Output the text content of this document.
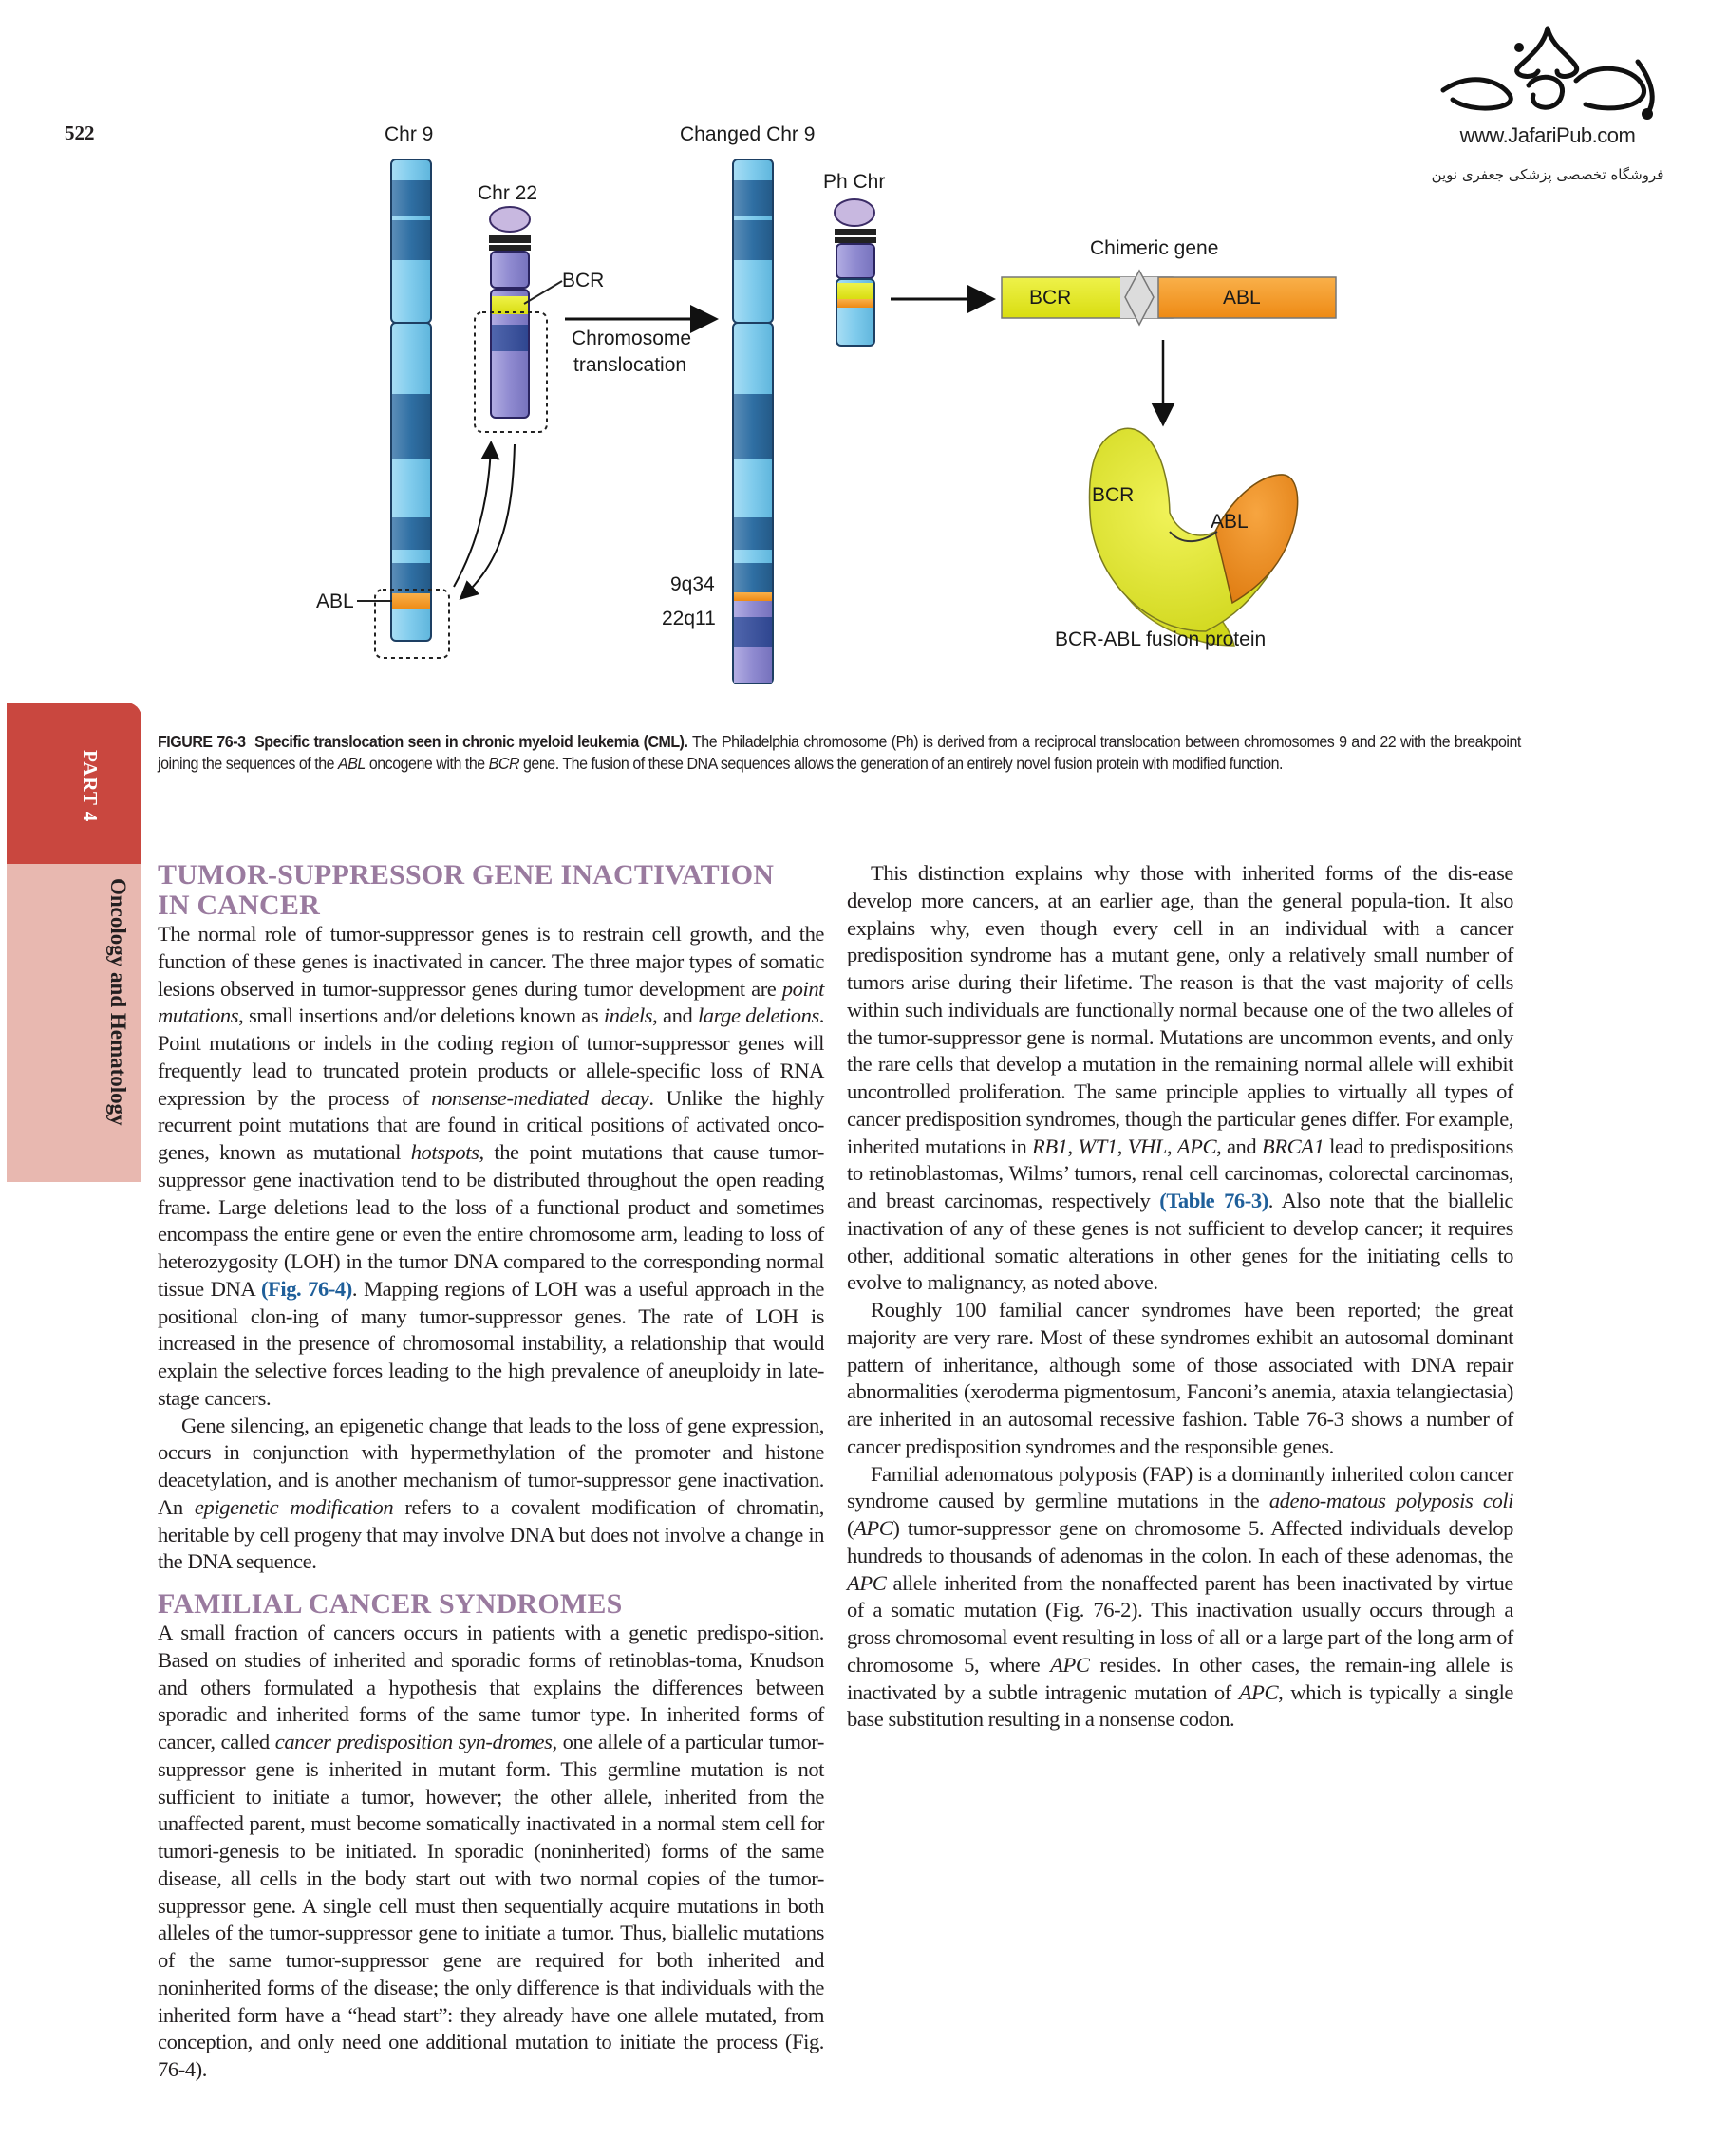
522	www.JafariPub.com
فروشگاه تخصصی پزشکی جعفری نوین
Chr 9
Chr 22
Changed Chr 9
Ph Chr
BCR
Chromosome
translocation
ABL
9q34
22q11
Chimeric gene
BCR	ABL
BCR
ABL
BCR-ABL fusion protein
PART 4
Oncology and Hematology
FIGURE 76-3 Specific translocation seen in chronic myeloid leukemia (CML). The Philadelphia chromosome (Ph) is derived from a reciprocal translocation between chromosomes 9 and 22 with the breakpoint joining the sequences of the ABL oncogene with the BCR gene. The fusion of these DNA sequences allows the generation of an entirely novel fusion protein with modified function.
TUMOR-SUPPRESSOR GENE INACTIVATION
IN CANCER

The normal role of tumor-suppressor genes is to restrain cell growth, and the function of these genes is inactivated in cancer. The three major types of somatic lesions observed in tumor-suppressor genes during tumor development are point mutations, small insertions and/or deletions known as indels, and large deletions. Point mutations or indels in the coding region of tumor-suppressor genes will frequently lead to truncated protein products or allele-specific loss of RNA expression by the process of nonsense-mediated decay. Unlike the highly recurrent point mutations that are found in critical positions of activated onco-genes, known as mutational hotspots, the point mutations that cause tumor-suppressor gene inactivation tend to be distributed throughout the open reading frame. Large deletions lead to the loss of a functional product and sometimes encompass the entire gene or even the entire chromosome arm, leading to loss of heterozygosity (LOH) in the tumor DNA compared to the corresponding normal tissue DNA (Fig. 76-4). Mapping regions of LOH was a useful approach in the positional clon-ing of many tumor-suppressor genes. The rate of LOH is increased in the presence of chromosomal instability, a relationship that would explain the selective forces leading to the high prevalence of aneuploidy in late-stage cancers.

Gene silencing, an epigenetic change that leads to the loss of gene expression, occurs in conjunction with hypermethylation of the promoter and histone deacetylation, and is another mechanism of tumor-suppressor gene inactivation. An epigenetic modification refers to a covalent modification of chromatin, heritable by cell progeny that may involve DNA but does not involve a change in the DNA sequence.

FAMILIAL CANCER SYNDROMES

A small fraction of cancers occurs in patients with a genetic predispo-sition. Based on studies of inherited and sporadic forms of retinoblas-toma, Knudson and others formulated a hypothesis that explains the differences between sporadic and inherited forms of the same tumor type. In inherited forms of cancer, called cancer predisposition syn-dromes, one allele of a particular tumor-suppressor gene is inherited in mutant form. This germline mutation is not sufficient to initiate a tumor, however; the other allele, inherited from the unaffected parent, must become somatically inactivated in a normal stem cell for tumori-genesis to be initiated. In sporadic (noninherited) forms of the same disease, all cells in the body start out with two normal copies of the tumor-suppressor gene. A single cell must then sequentially acquire mutations in both alleles of the tumor-suppressor gene to initiate a tumor. Thus, biallelic mutations of the same tumor-suppressor gene are required for both inherited and noninherited forms of the disease; the only difference is that individuals with the inherited form have a “head start”: they already have one allele mutated, from conception, and only need one additional mutation to initiate the process (Fig. 76-4).

This distinction explains why those with inherited forms of the dis-ease develop more cancers, at an earlier age, than the general popula-tion. It also explains why, even though every cell in an individual with a cancer predisposition syndrome has a mutant gene, only a relatively small number of tumors arise during their lifetime. The reason is that the vast majority of cells within such individuals are functionally normal because one of the two alleles of the tumor-suppressor gene is normal. Mutations are uncommon events, and only the rare cells that develop a mutation in the remaining normal allele will exhibit uncontrolled proliferation. The same principle applies to virtually all types of cancer predisposition syndromes, though the particular genes differ. For example, inherited mutations in RB1, WT1, VHL, APC, and BRCA1 lead to predispositions to retinoblastomas, Wilms’ tumors, renal cell carcinomas, colorectal carcinomas, and breast carcinomas, respectively (Table 76-3). Also note that the biallelic inactivation of any of these genes is not sufficient to develop cancer; it requires other, additional somatic alterations in other genes for the initiating cells to evolve to malignancy, as noted above.

Roughly 100 familial cancer syndromes have been reported; the great majority are very rare. Most of these syndromes exhibit an autosomal dominant pattern of inheritance, although some of those associated with DNA repair abnormalities (xeroderma pigmentosum, Fanconi’s anemia, ataxia telangiectasia) are inherited in an autosomal recessive fashion. Table 76-3 shows a number of cancer predisposition syndromes and the responsible genes.

Familial adenomatous polyposis (FAP) is a dominantly inherited colon cancer syndrome caused by germline mutations in the adeno-matous polyposis coli (APC) tumor-suppressor gene on chromosome 5. Affected individuals develop hundreds to thousands of adenomas in the colon. In each of these adenomas, the APC allele inherited from the nonaffected parent has been inactivated by virtue of a somatic mutation (Fig. 76-2). This inactivation usually occurs through a gross chromosomal event resulting in loss of all or a large part of the long arm of chromosome 5, where APC resides. In other cases, the remain-ing allele is inactivated by a subtle intragenic mutation of APC, which is typically a single base substitution resulting in a nonsense codon.
